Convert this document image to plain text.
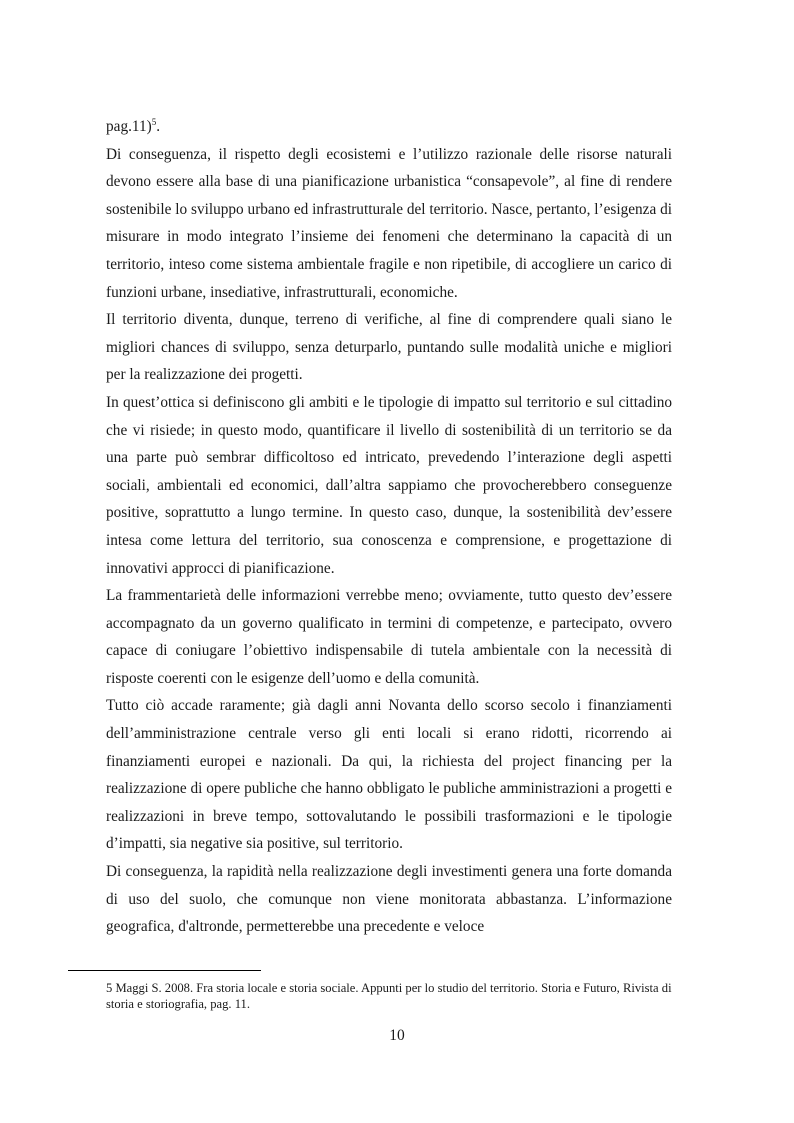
pag.11)$^5$.

Di conseguenza, il rispetto degli ecosistemi e l’utilizzo razionale delle risorse naturali devono essere alla base di una pianificazione urbanistica “consapevole”, al fine di rendere sostenibile lo sviluppo urbano ed infrastrutturale del territorio. Nasce, pertanto, l’esigenza di misurare in modo integrato l’insieme dei fenomeni che determinano la capacità di un territorio, inteso come sistema ambientale fragile e non ripetibile, di accogliere un carico di funzioni urbane, insediative, infrastrutturali, economiche.

Il territorio diventa, dunque, terreno di verifiche, al fine di comprendere quali siano le migliori chances di sviluppo, senza deturparlo, puntando sulle modalità uniche e migliori per la realizzazione dei progetti.

In quest’ottica si definiscono gli ambiti e le tipologie di impatto sul territorio e sul cittadino che vi risiede; in questo modo, quantificare il livello di sostenibilità di un territorio se da una parte può sembrar difficoltoso ed intricato, prevedendo l’interazione degli aspetti sociali, ambientali ed economici, dall’altra sappiamo che provocherebbero conseguenze positive, soprattutto a lungo termine. In questo caso, dunque, la sostenibilità dev’essere intesa come lettura del territorio, sua conoscenza e comprensione, e progettazione di innovativi approcci di pianificazione.

La frammentarietà delle informazioni verrebbe meno; ovviamente, tutto questo dev’essere accompagnato da un governo qualificato in termini di competenze, e partecipato, ovvero capace di coniugare l’obiettivo indispensabile di tutela ambientale con la necessità di risposte coerenti con le esigenze dell’uomo e della comunità.

Tutto ciò accade raramente; già dagli anni Novanta dello scorso secolo i finanziamenti dell’amministrazione centrale verso gli enti locali si erano ridotti, ricorrendo ai finanziamenti europei e nazionali. Da qui, la richiesta del project financing per la realizzazione di opere publiche che hanno obbligato le publiche amministrazioni a progetti e realizzazioni in breve tempo, sottovalutando le possibili trasformazioni e le tipologie d’impatti, sia negative sia positive, sul territorio.

Di conseguenza, la rapidità nella realizzazione degli investimenti genera una forte domanda di uso del suolo, che comunque non viene monitorata abbastanza. L’informazione geografica, d'altronde, permetterebbe una precedente e veloce

5 Maggi S. 2008. Fra storia locale e storia sociale. Appunti per lo studio del territorio. Storia e Futuro, Rivista di storia e storiografia, pag. 11.
10
